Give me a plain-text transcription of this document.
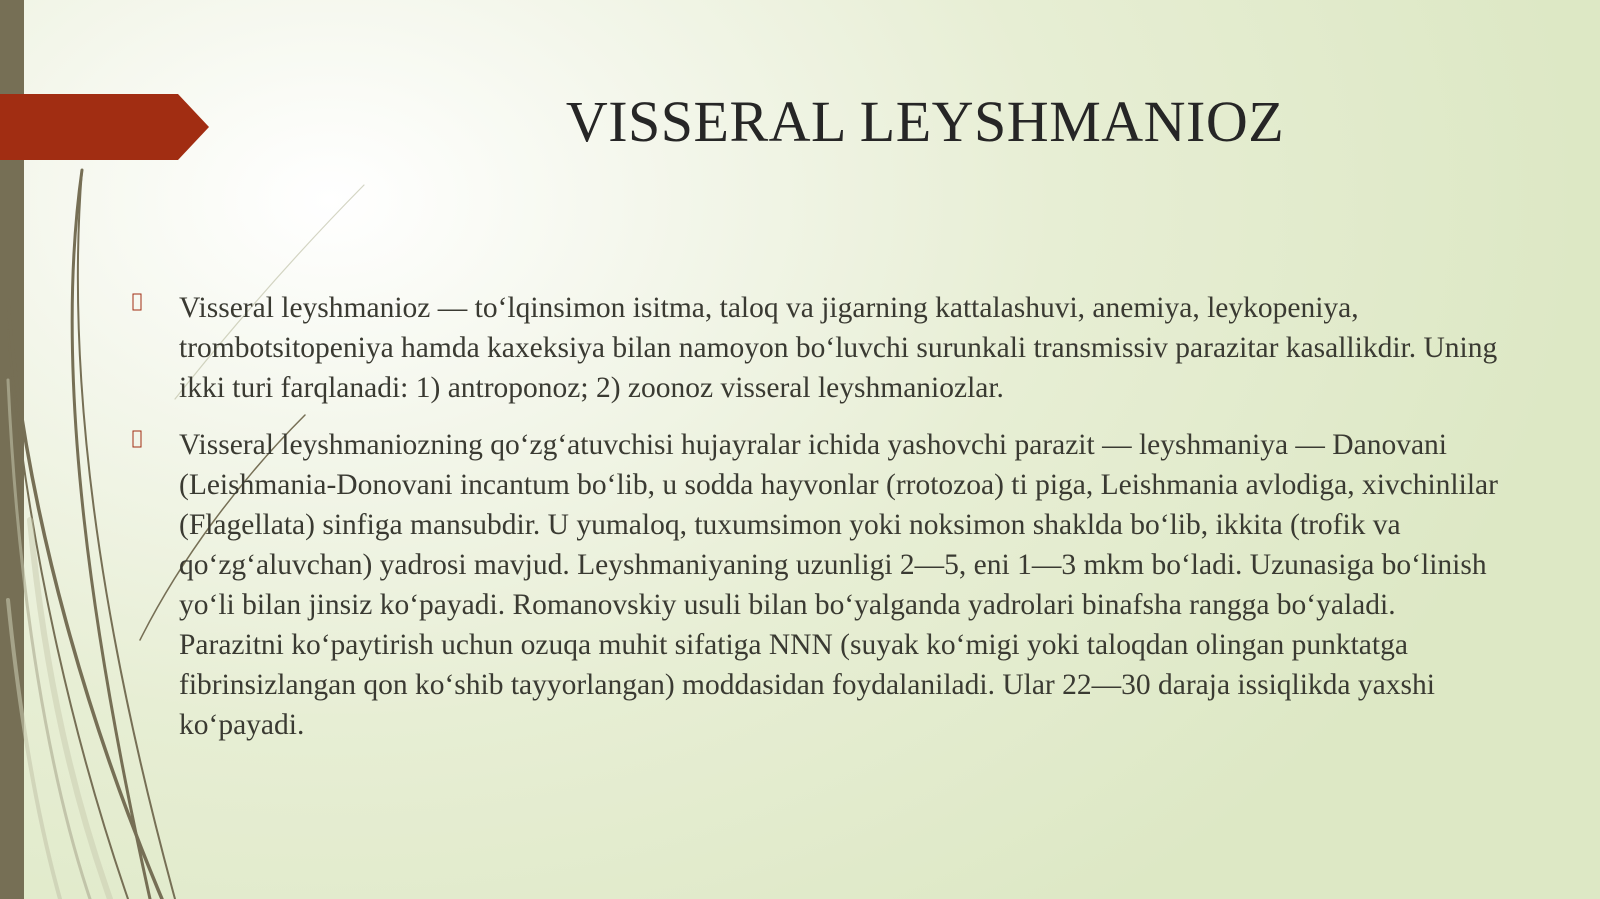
VISSERAL LEYSHMANIOZ
Visseral leyshmanioz — to‘lqinsimon isitma, taloq va jigarning kattalashuvi, anemiya, leykopeniya, trombotsitopeniya hamda kaxeksiya bilan namoyon bo‘luvchi surunkali transmissiv parazitar kasallikdir. Uning ikki turi farqlanadi: 1) antroponoz; 2) zoonoz visseral leyshmaniozlar.
Visseral leyshmaniozning qo‘zg‘atuvchisi hujayralar ichida yashovchi parazit — leyshmaniya — Danovani (Leishmania-Donovani incantum bo‘lib, u sodda hayvonlar (rrotozoa) ti piga, Leishmania avlodiga, xivchinlilar (Flagellata) sinfiga mansubdir. U yumaloq, tuxumsimon yoki noksimon shaklda bo‘lib, ikkita (trofik va qo‘zg‘aluvchan) yadrosi mavjud. Leyshmaniyaning uzunligi 2—5, eni 1—3 mkm bo‘ladi. Uzunasiga bo‘linish yo‘li bilan jinsiz ko‘payadi. Romanovskiy usuli bilan bo‘yalganda yadrolari binafsha rangga bo‘yaladi. Parazitni ko‘paytirish uchun ozuqa muhit sifatiga NNN (suyak ko‘migi yoki taloqdan olingan punktatga fibrinsizlangan qon ko‘shib tayyorlangan) moddasidan foydalaniladi. Ular 22—30 daraja issiqlikda yaxshi ko‘payadi.
